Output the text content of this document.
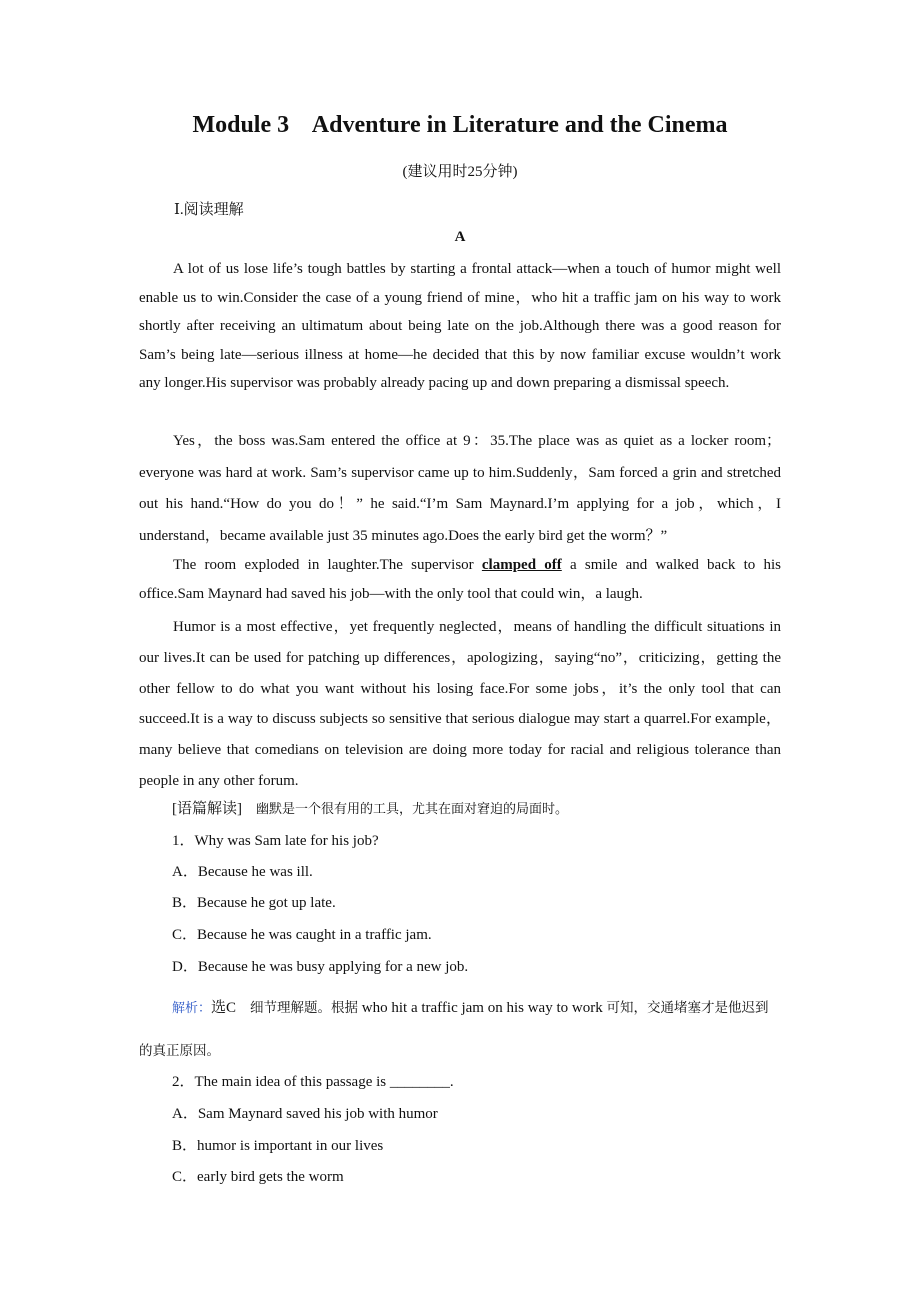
Module 3    Adventure in Literature and the Cinema
(建议用时25分钟)
Ⅰ.阅读理解
A

A lot of us lose life’s tough battles by starting a frontal attack—when a touch of humor might well enable us to win.Consider the case of a young friend of mine，who hit a traffic jam on his way to work shortly after receiving an ultimatum about being late on the job.Although there was a good reason for Sam’s being late—serious illness at home—he decided that this by now familiar excuse wouldn’t work any longer.His supervisor was probably already pacing up and down preparing a dismissal speech.

Yes，the boss was.Sam entered the office at 9：35.The place was as quiet as a locker room；everyone was hard at work. Sam’s supervisor came up to him.Suddenly，Sam forced a grin and stretched out his hand.“How do you do！” he said.“I’m Sam Maynard.I’m applying for a job，which，I understand，became available just 35 minutes ago.Does the early bird get the worm？”

The room exploded in laughter.The supervisor clamped off a smile and walked back to his office.Sam Maynard had saved his job—with the only tool that could win，a laugh.

Humor is a most effective，yet frequently neglected，means of handling the difficult situations in our lives.It can be used for patching up differences，apologizing，saying“no”，criticizing，getting the other fellow to do what you want without his losing face.For some jobs，it’s the only tool that can succeed.It is a way to discuss subjects so sensitive that serious dialogue may start a quarrel.For example，many believe that comedians on television are doing more today for racial and religious tolerance than people in any other forum.

[语篇解读] 幽默是一个很有用的工具，尤其在面对窘迫的局面时。
1．Why was Sam late for his job?
A．Because he was ill.
B．Because he got up late.
C．Because he was caught in a traffic jam.
D．Because he was busy applying for a new job.

解析：选C 细节理解题。根据 who hit a traffic jam on his way to work 可知，交通堵塞才是他迟到的真正原因。

2．The main idea of this passage is ________.
A．Sam Maynard saved his job with humor
B．humor is important in our lives
C．early bird gets the worm
